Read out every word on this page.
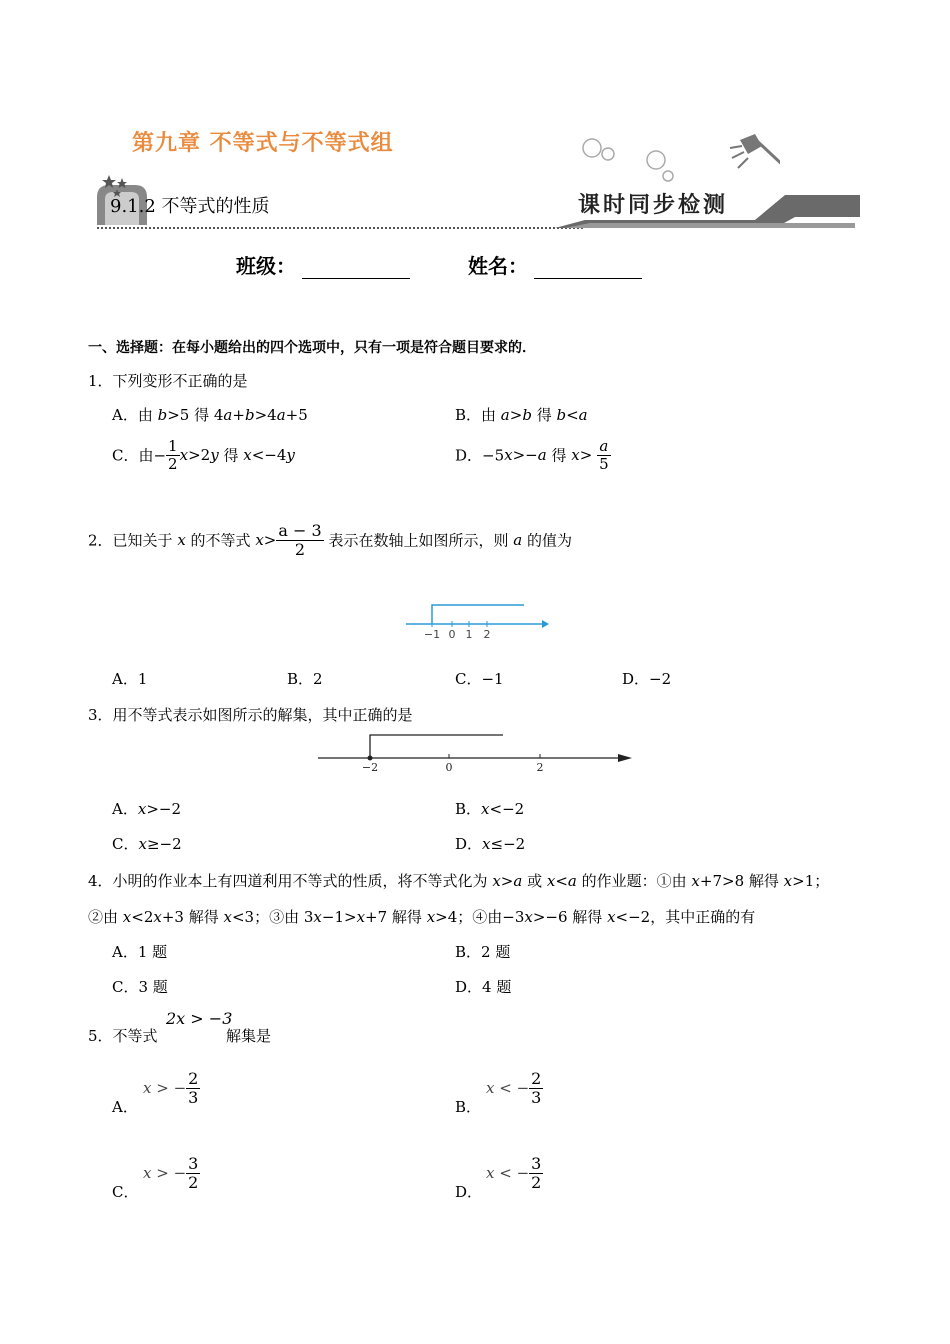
第九章 不等式与不等式组
9.1.2 不等式的性质	课时同步检测
班级：	姓名：
一、选择题：在每小题给出的四个选项中，只有一项是符合题目要求的．
1．下列变形不正确的是
A．由 b>5 得 4a+b>4a+5	B．由 a>b 得 b<a
C．由− $\frac{1}{2} x>2y$ 得 x<−4y	D．−5x>−a 得 $x> \frac{a}{5}$
2．已知关于 x 的不等式 $x> \frac{a - 3}{2}$ 表示在数轴上如图所示，则 a 的值为
−1 0 1 2
A．1	B．2	C．−1	D．−2
3．用不等式表示如图所示的解集，其中正确的是
−2	0	2
A．x>−2	B．x<−2
C．x≥−2	D．x≤−2
4．小明的作业本上有四道利用不等式的性质，将不等式化为 x>a 或 x<a 的作业题：①由 x+7>8 解得 x>1；
②由 x<2x+3 解得 x<3；③由 3x−1>x+7 解得 x>4；④由−3x>−6 解得 x<−2，其中正确的有
A．1 题	B．2 题
C．3 题	D．4 题
5．不等式
2x > −3
解集是
A．
x > − $\frac{2}{3}$
B．
x < − $\frac{2}{3}$
C．
x > − $\frac{3}{2}$
D．
x < − $\frac{3}{2}$
